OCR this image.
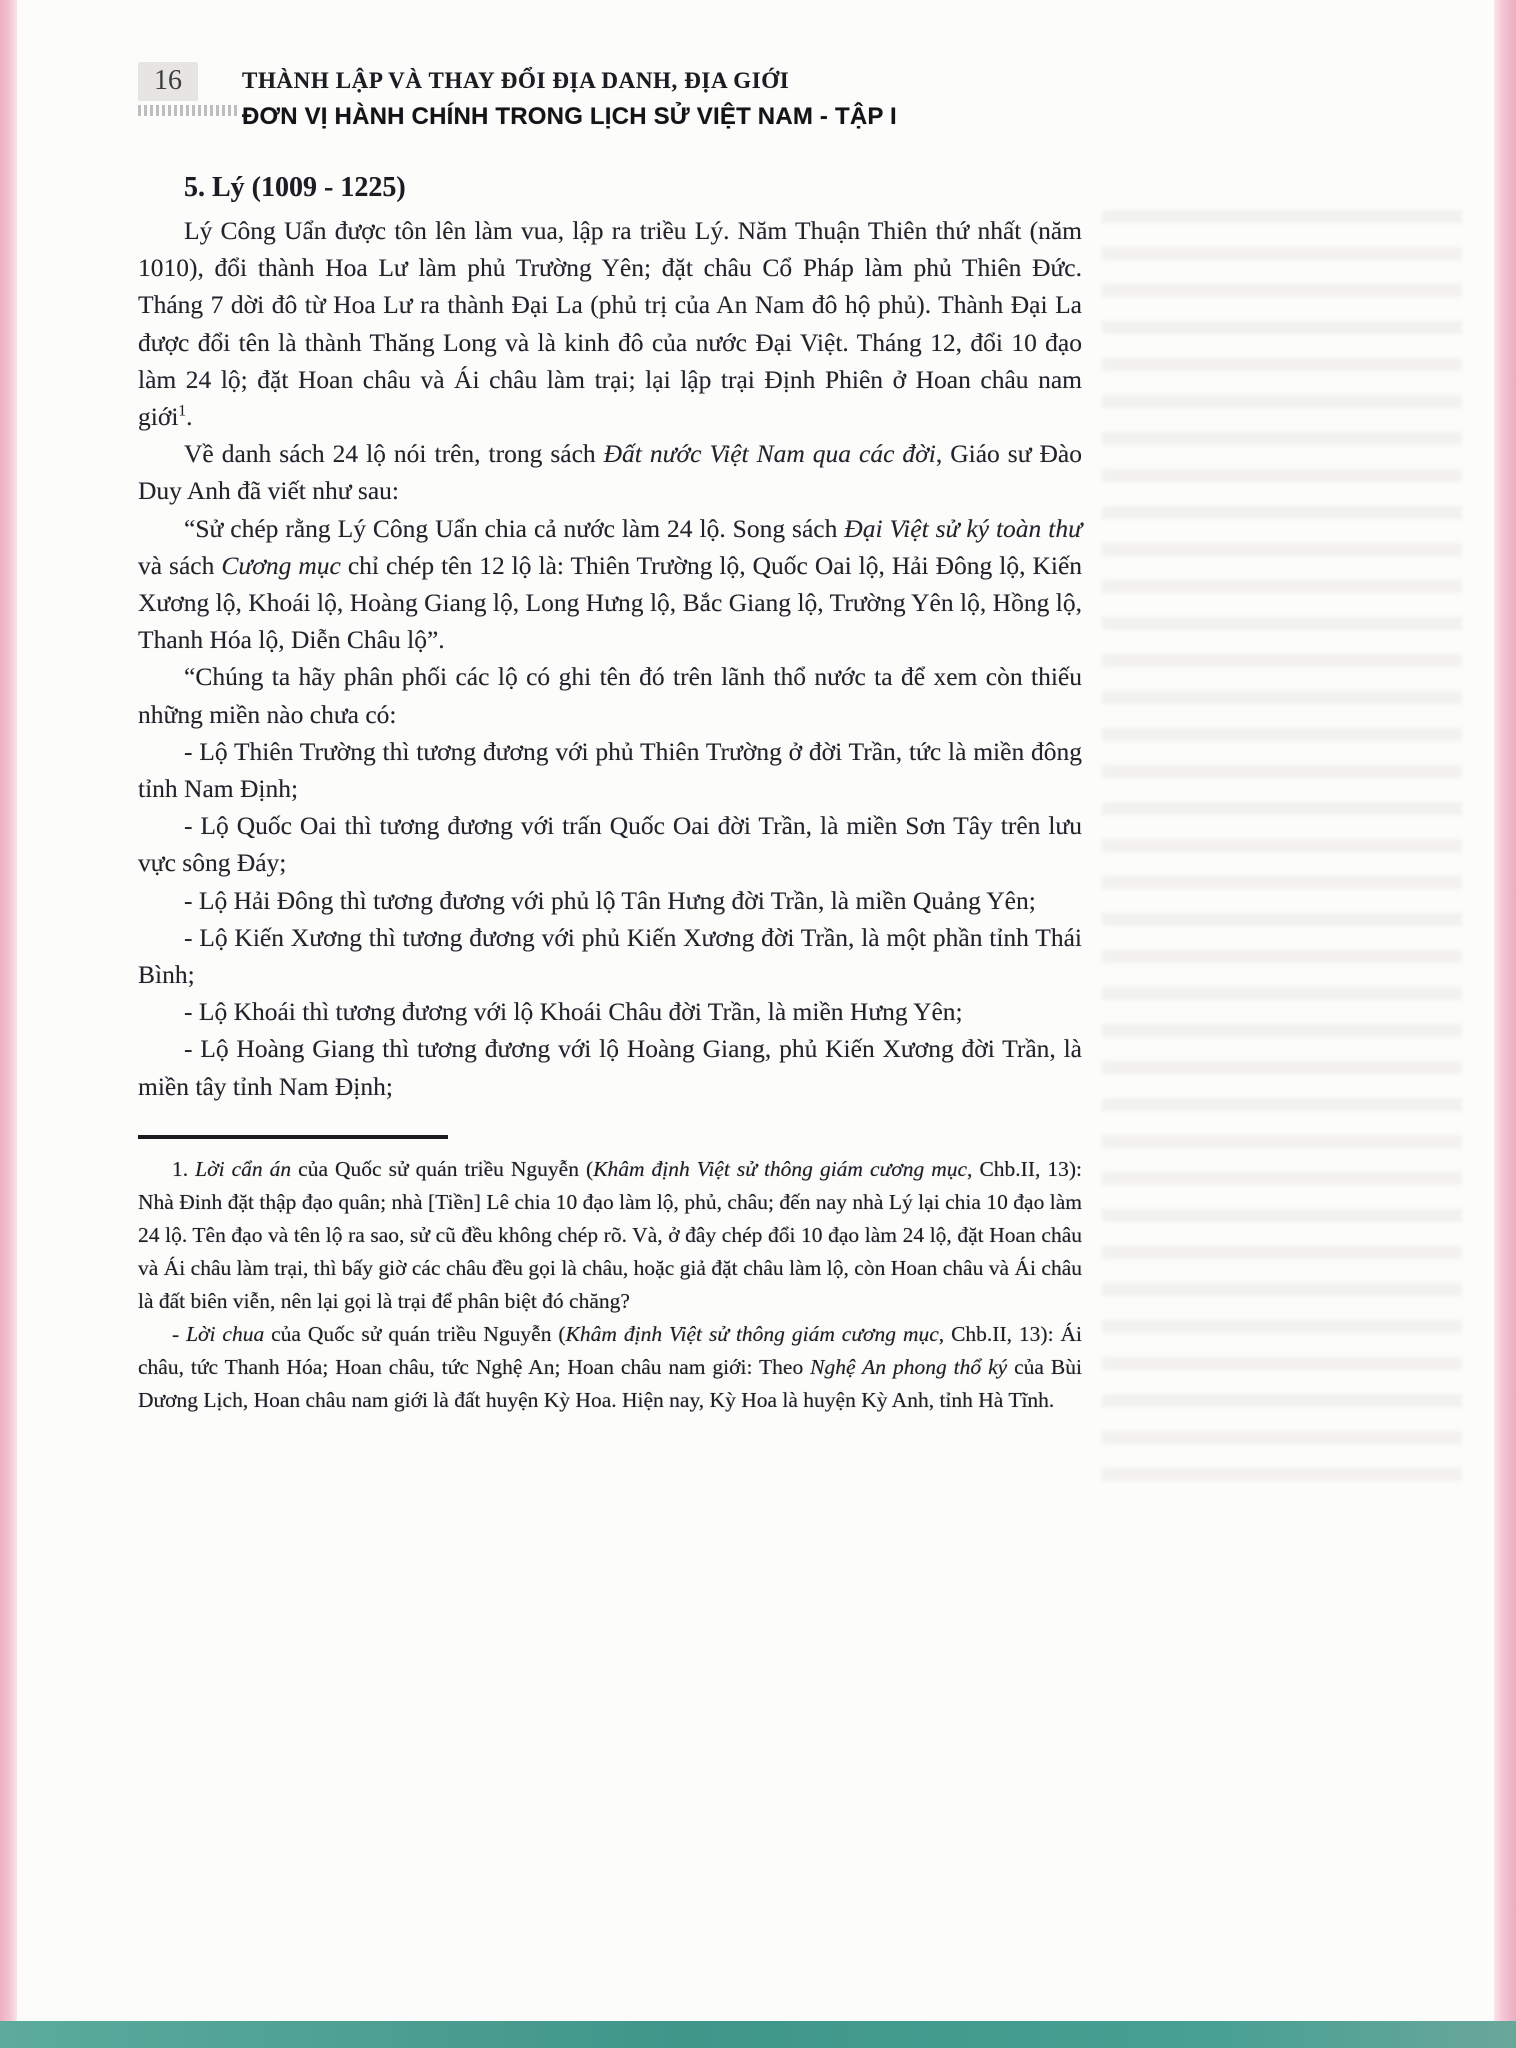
16	THÀNH LẬP VÀ THAY ĐỔI ĐỊA DANH, ĐỊA GIỚI
ĐƠN VỊ HÀNH CHÍNH TRONG LỊCH SỬ VIỆT NAM - TẬP I
5. Lý (1009 - 1225)

Lý Công Uẩn được tôn lên làm vua, lập ra triều Lý. Năm Thuận Thiên thứ nhất (năm 1010), đổi thành Hoa Lư làm phủ Trường Yên; đặt châu Cổ Pháp làm phủ Thiên Đức. Tháng 7 dời đô từ Hoa Lư ra thành Đại La (phủ trị của An Nam đô hộ phủ). Thành Đại La được đổi tên là thành Thăng Long và là kinh đô của nước Đại Việt. Tháng 12, đổi 10 đạo làm 24 lộ; đặt Hoan châu và Ái châu làm trại; lại lập trại Định Phiên ở Hoan châu nam giới$^1$.

Về danh sách 24 lộ nói trên, trong sách Đất nước Việt Nam qua các đời, Giáo sư Đào Duy Anh đã viết như sau:

“Sử chép rằng Lý Công Uẩn chia cả nước làm 24 lộ. Song sách Đại Việt sử ký toàn thư và sách Cương mục chỉ chép tên 12 lộ là: Thiên Trường lộ, Quốc Oai lộ, Hải Đông lộ, Kiến Xương lộ, Khoái lộ, Hoàng Giang lộ, Long Hưng lộ, Bắc Giang lộ, Trường Yên lộ, Hồng lộ, Thanh Hóa lộ, Diễn Châu lộ”.

“Chúng ta hãy phân phối các lộ có ghi tên đó trên lãnh thổ nước ta để xem còn thiếu những miền nào chưa có:

- Lộ Thiên Trường thì tương đương với phủ Thiên Trường ở đời Trần, tức là miền đông tỉnh Nam Định;

- Lộ Quốc Oai thì tương đương với trấn Quốc Oai đời Trần, là miền Sơn Tây trên lưu vực sông Đáy;

- Lộ Hải Đông thì tương đương với phủ lộ Tân Hưng đời Trần, là miền Quảng Yên;

- Lộ Kiến Xương thì tương đương với phủ Kiến Xương đời Trần, là một phần tỉnh Thái Bình;

- Lộ Khoái thì tương đương với lộ Khoái Châu đời Trần, là miền Hưng Yên;

- Lộ Hoàng Giang thì tương đương với lộ Hoàng Giang, phủ Kiến Xương đời Trần, là miền tây tỉnh Nam Định;

1. Lời cẩn án của Quốc sử quán triều Nguyễn (Khâm định Việt sử thông giám cương mục, Chb.II, 13): Nhà Đinh đặt thập đạo quân; nhà [Tiền] Lê chia 10 đạo làm lộ, phủ, châu; đến nay nhà Lý lại chia 10 đạo làm 24 lộ. Tên đạo và tên lộ ra sao, sử cũ đều không chép rõ. Và, ở đây chép đổi 10 đạo làm 24 lộ, đặt Hoan châu và Ái châu làm trại, thì bấy giờ các châu đều gọi là châu, hoặc giả đặt châu làm lộ, còn Hoan châu và Ái châu là đất biên viễn, nên lại gọi là trại để phân biệt đó chăng?

- Lời chua của Quốc sử quán triều Nguyễn (Khâm định Việt sử thông giám cương mục, Chb.II, 13): Ái châu, tức Thanh Hóa; Hoan châu, tức Nghệ An; Hoan châu nam giới: Theo Nghệ An phong thổ ký của Bùi Dương Lịch, Hoan châu nam giới là đất huyện Kỳ Hoa. Hiện nay, Kỳ Hoa là huyện Kỳ Anh, tỉnh Hà Tĩnh.
